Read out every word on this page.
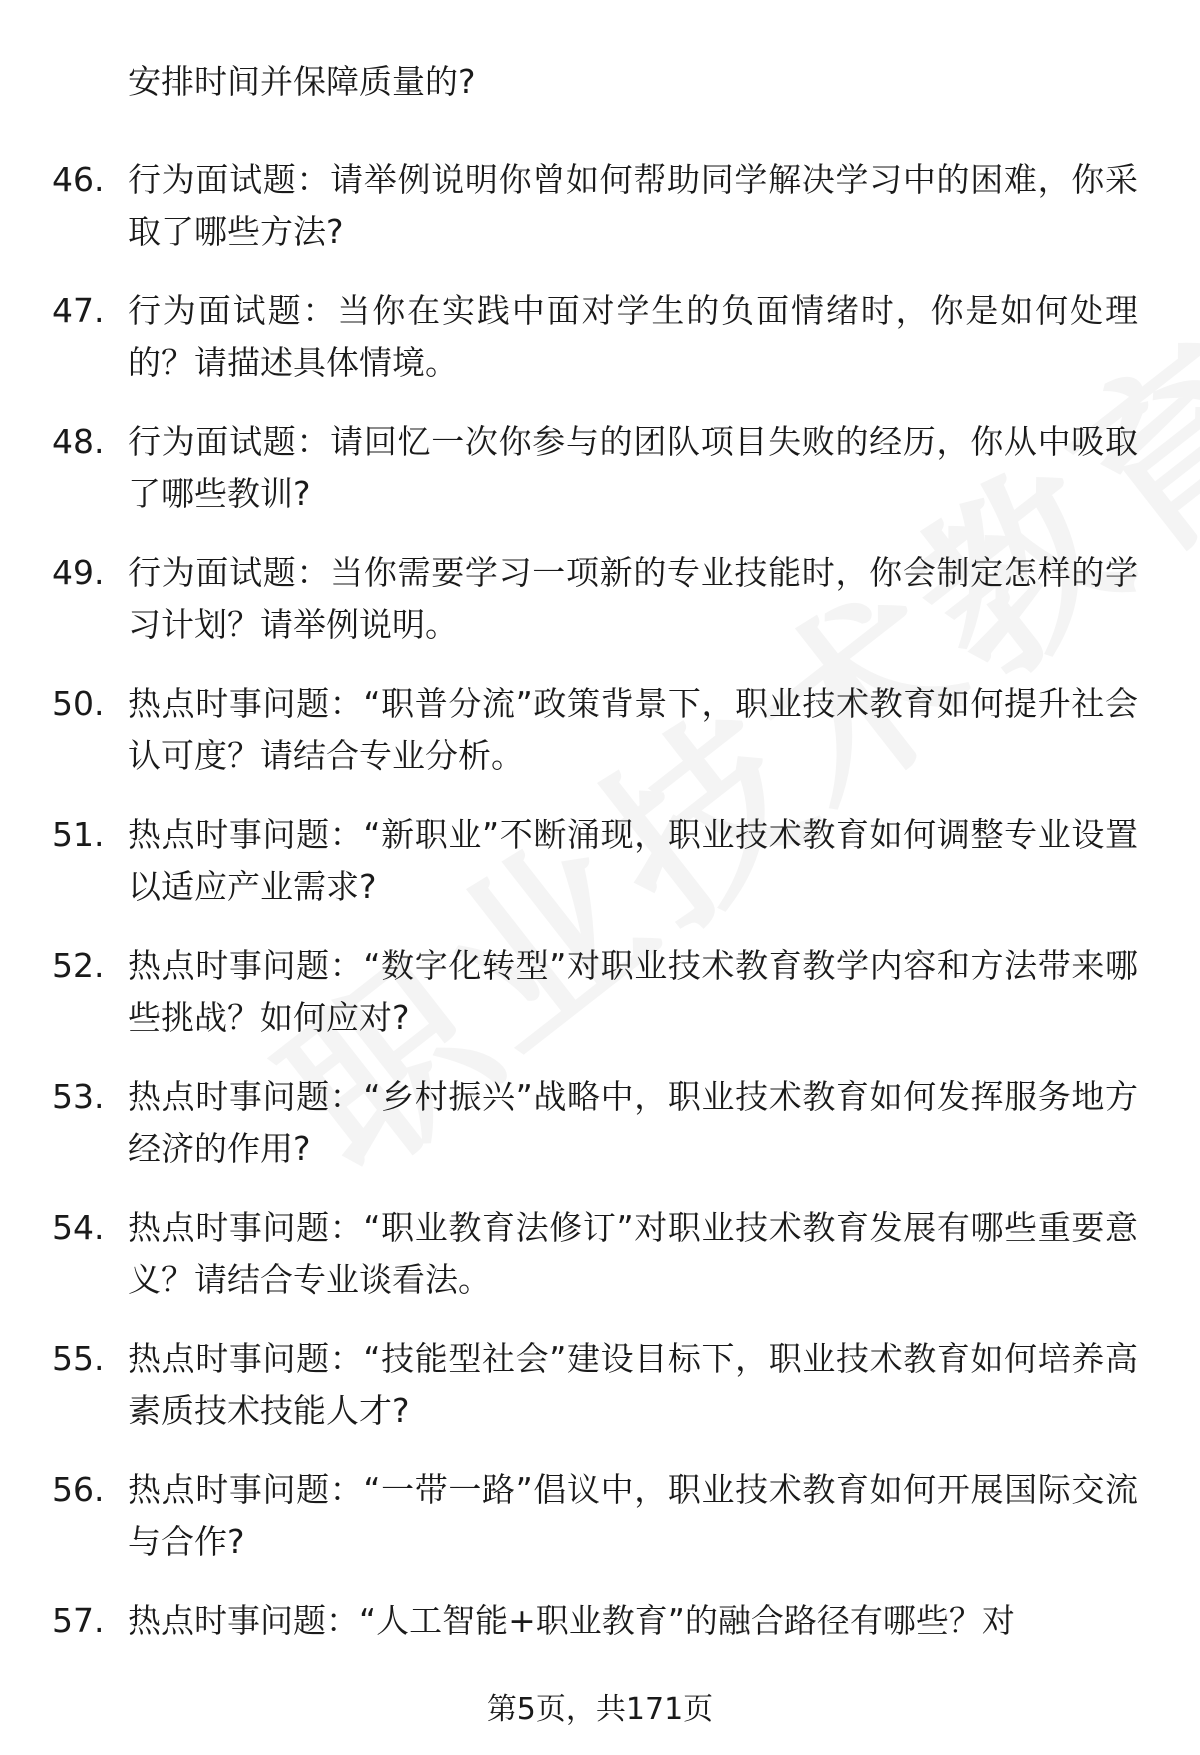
安排时间并保障质量的?

46. 行为面试题：请举例说明你曾如何帮助同学解决学习中的困难，你采取了哪些方法?
47. 行为面试题：当你在实践中面对学生的负面情绪时，你是如何处理的？请描述具体情境。
48. 行为面试题：请回忆一次你参与的团队项目失败的经历，你从中吸取了哪些教训?
49. 行为面试题：当你需要学习一项新的专业技能时，你会制定怎样的学习计划？请举例说明。
50. 热点时事问题：“职普分流”政策背景下，职业技术教育如何提升社会认可度？请结合专业分析。
51. 热点时事问题：“新职业”不断涌现，职业技术教育如何调整专业设置以适应产业需求?
52. 热点时事问题：“数字化转型”对职业技术教育教学内容和方法带来哪些挑战？如何应对?
53. 热点时事问题：“乡村振兴”战略中，职业技术教育如何发挥服务地方经济的作用?
54. 热点时事问题：“职业教育法修订”对职业技术教育发展有哪些重要意义？请结合专业谈看法。
55. 热点时事问题：“技能型社会”建设目标下，职业技术教育如何培养高素质技术技能人才?
56. 热点时事问题：“一带一路”倡议中，职业技术教育如何开展国际交流与合作?
57. 热点时事问题：“人工智能+职业教育”的融合路径有哪些？对
第5页，共171页
